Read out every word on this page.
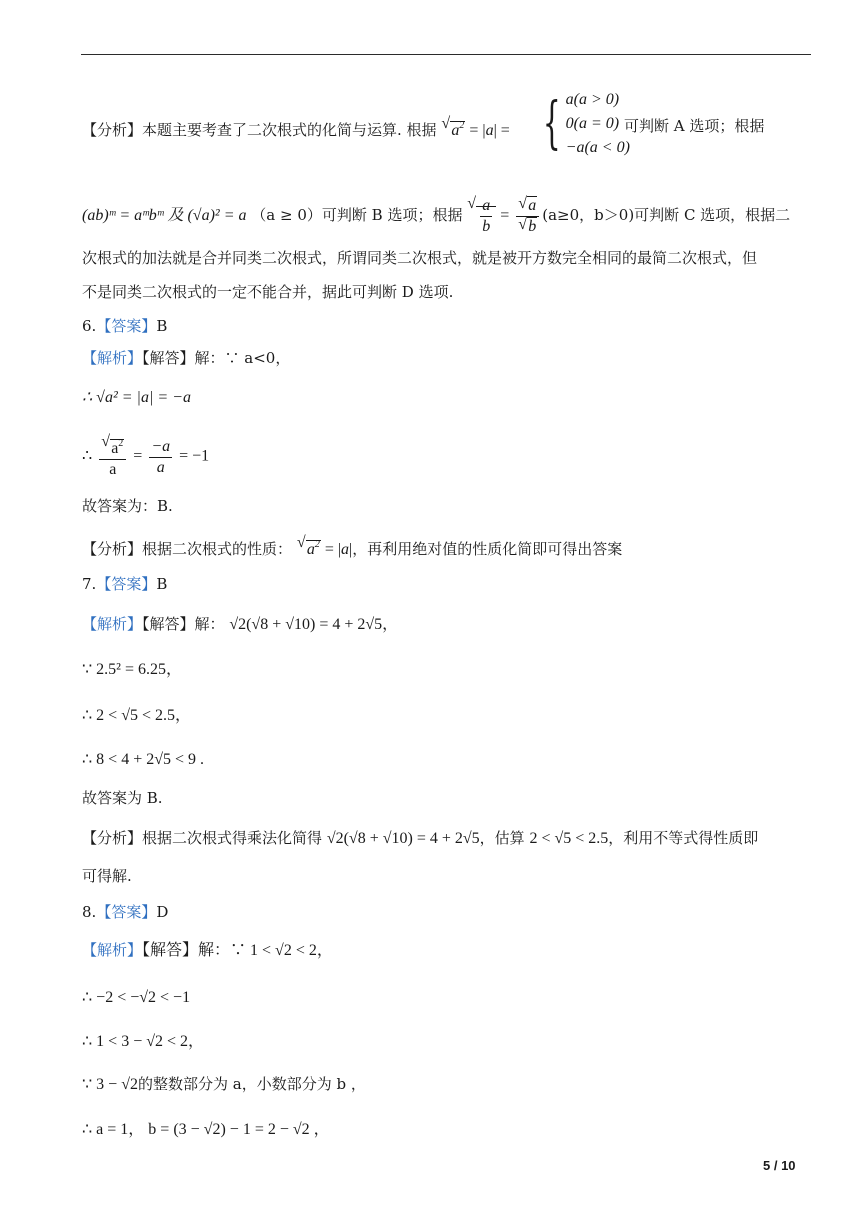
【分析】本题主要考查了二次根式的化简与运算. 根据 √ $a^2 = |a|$ = { a(a > 0)
0(a = 0)
−a(a < 0)
可判断 A 选项；根据
(ab)ᵐ = aᵐbᵐ 及 (√a)² = a （a ≥ 0）可判断 B 选项；根据 √ $\frac{a}{b}$ = √ a
√ b (a≥0，b＞0)可判断 C 选项，根据二
次根式的加法就是合并同类二次根式，所谓同类二次根式，就是被开方数完全相同的最简二次根式，但
不是同类二次根式的一定不能合并，据此可判断 D 选项.
6.【答案】B
【解析】【解答】解：∵ a<0，
∴ √a² = |a| = −a
∴ √ $\frac{a^2}{a} = \frac{-a}{a} = -1$
故答案为：B.
【分析】根据二次根式的性质： √ $a^2 = |a|$，再利用绝对值的性质化简即可得出答案
7.【答案】B
【解析】【解答】解： √2(√8 + √10) = 4 + 2√5，
∵ 2.5² = 6.25，
∴ 2 < √5 < 2.5，
∴ 8 < 4 + 2√5 < 9 .
故答案为 B.
【分析】根据二次根式得乘法化简得 √2(√8 + √10) = 4 + 2√5，估算 2 < √5 < 2.5，利用不等式得性质即
可得解.
8.【答案】D
【解析】【解答】解：∵ 1 < √2 < 2，
∴ −2 < −√2 < −1
∴ 1 < 3 − √2 < 2，
∵ 3 − √2的整数部分为 a，小数部分为 b ，
∴ a = 1， b = (3 − √2) − 1 = 2 − √2 ，
5 / 10
